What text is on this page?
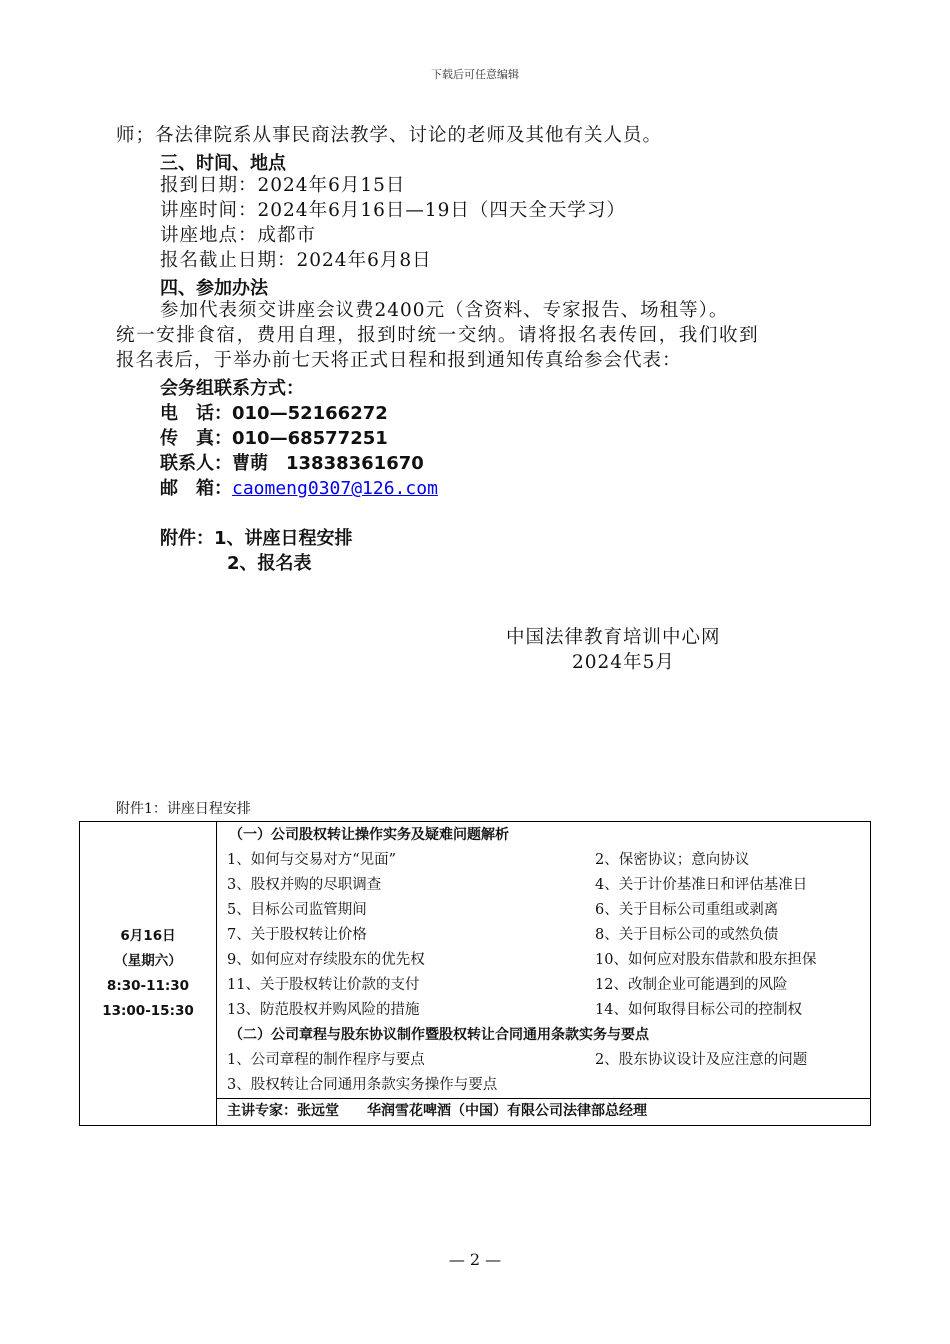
下载后可任意编辑
师；各法律院系从事民商法教学、讨论的老师及其他有关人员。
三、时间、地点
报到日期：2024年6月15日
讲座时间：2024年6月16日—19日（四天全天学习）
讲座地点：成都市
报名截止日期：2024年6月8日
四、参加办法
参加代表须交讲座会议费2400元（含资料、专家报告、场租等）。
统一安排食宿，费用自理，报到时统一交纳。请将报名表传回，我们收到
报名表后，于举办前七天将正式日程和报到通知传真给参会代表：
会务组联系方式：
电　话：010—52166272
传　真：010—68577251
联系人：曹萌　13838361670
邮　箱：caomeng0307@126.com
附件：1、讲座日程安排
2、报名表
中国法律教育培训中心网
2024年5月
附件1：讲座日程安排
6月16日
（星期六）
8:30-11:30
13:00-15:30

（一）公司股权转让操作实务及疑难问题解析
1、如何与交易对方“见面”	2、保密协议；意向协议
3、股权并购的尽职调查	4、关于计价基准日和评估基准日
5、目标公司监管期间	6、关于目标公司重组或剥离
7、关于股权转让价格	8、关于目标公司的或然负债
9、如何应对存续股东的优先权	10、如何应对股东借款和股东担保
11、关于股权转让价款的支付	12、改制企业可能遇到的风险
13、防范股权并购风险的措施	14、如何取得目标公司的控制权
（二）公司章程与股东协议制作暨股权转让合同通用条款实务与要点
1、公司章程的制作程序与要点	2、股东协议设计及应注意的问题
3、股权转让合同通用条款实务操作与要点
主讲专家：张远堂　　华润雪花啤酒（中国）有限公司法律部总经理
— 2 —
